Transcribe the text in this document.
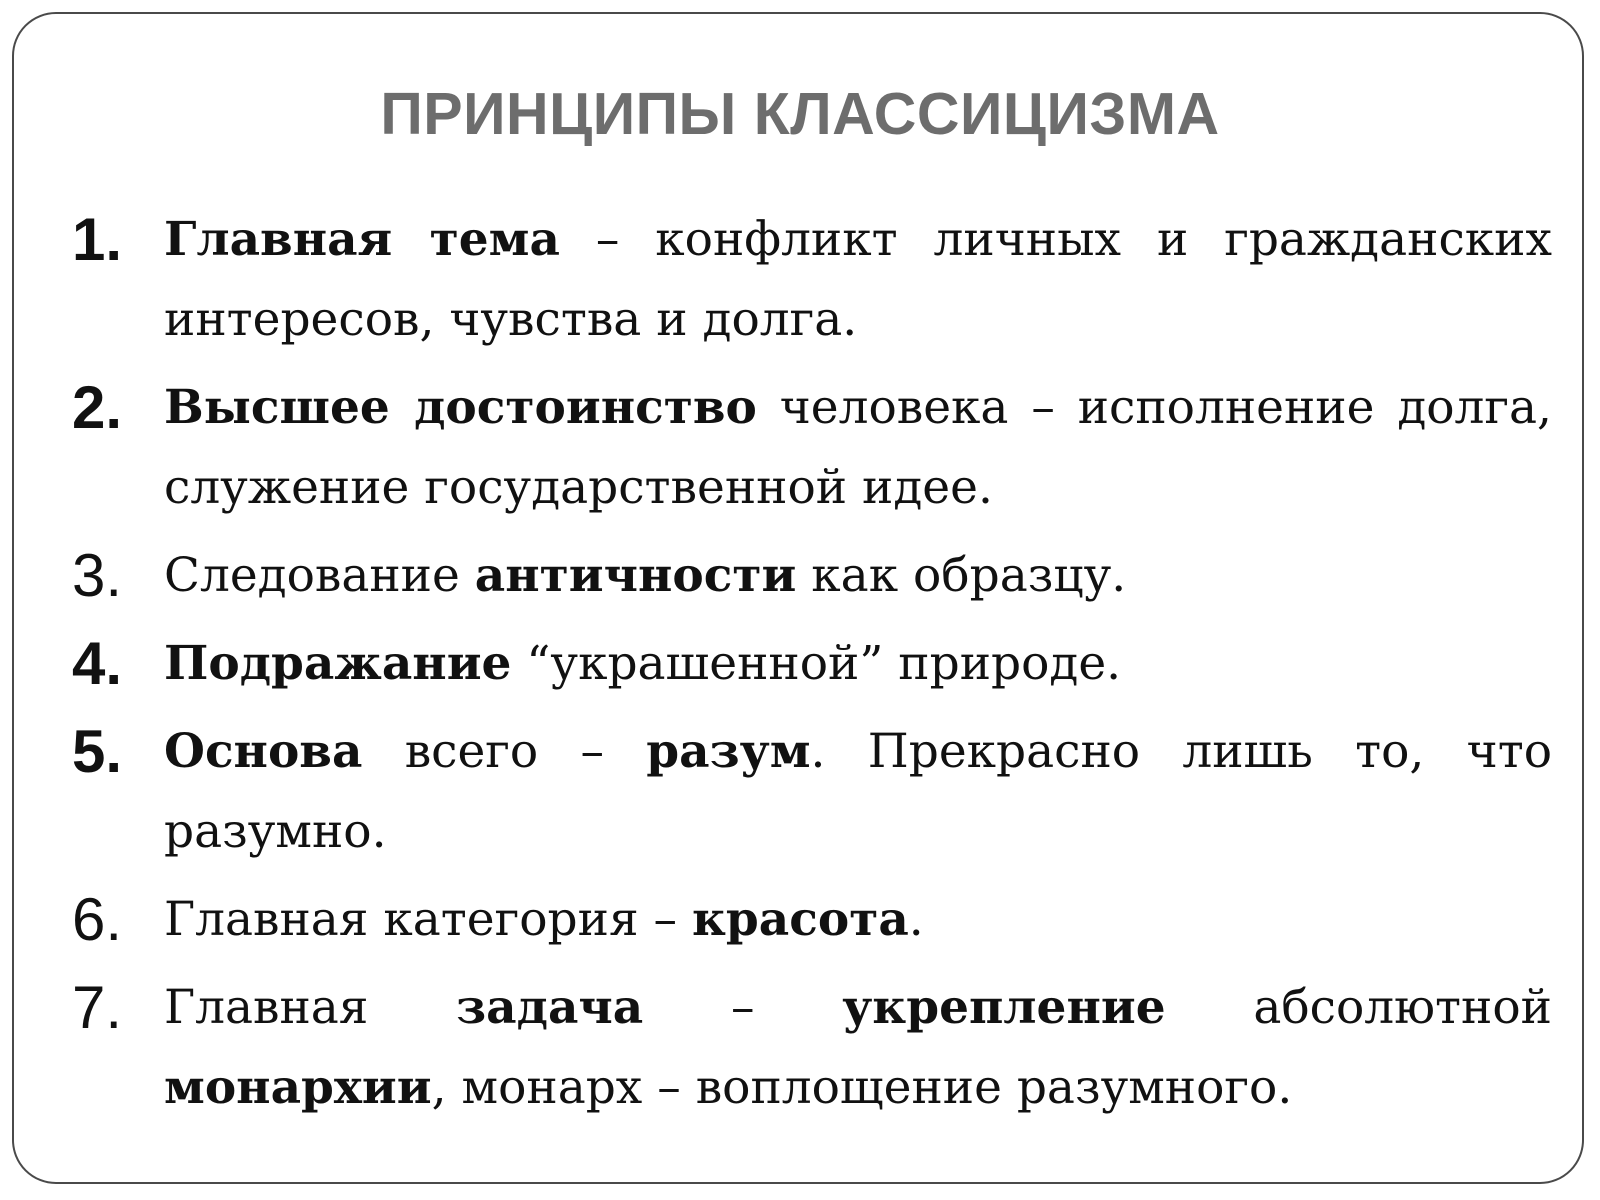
ПРИНЦИПЫ КЛАССИЦИЗМА
1. Главная тема – конфликт личных и гражданских интересов, чувства и долга.
2. Высшее достоинство человека – исполнение долга, служение государственной идее.
3. Следование античности как образцу.
4. Подражание “украшенной” природе.
5. Основа всего – разум. Прекрасно лишь то, что разумно.
6. Главная категория – красота.
7. Главная задача – укрепление абсолютной монархии, монарх – воплощение разумного.
